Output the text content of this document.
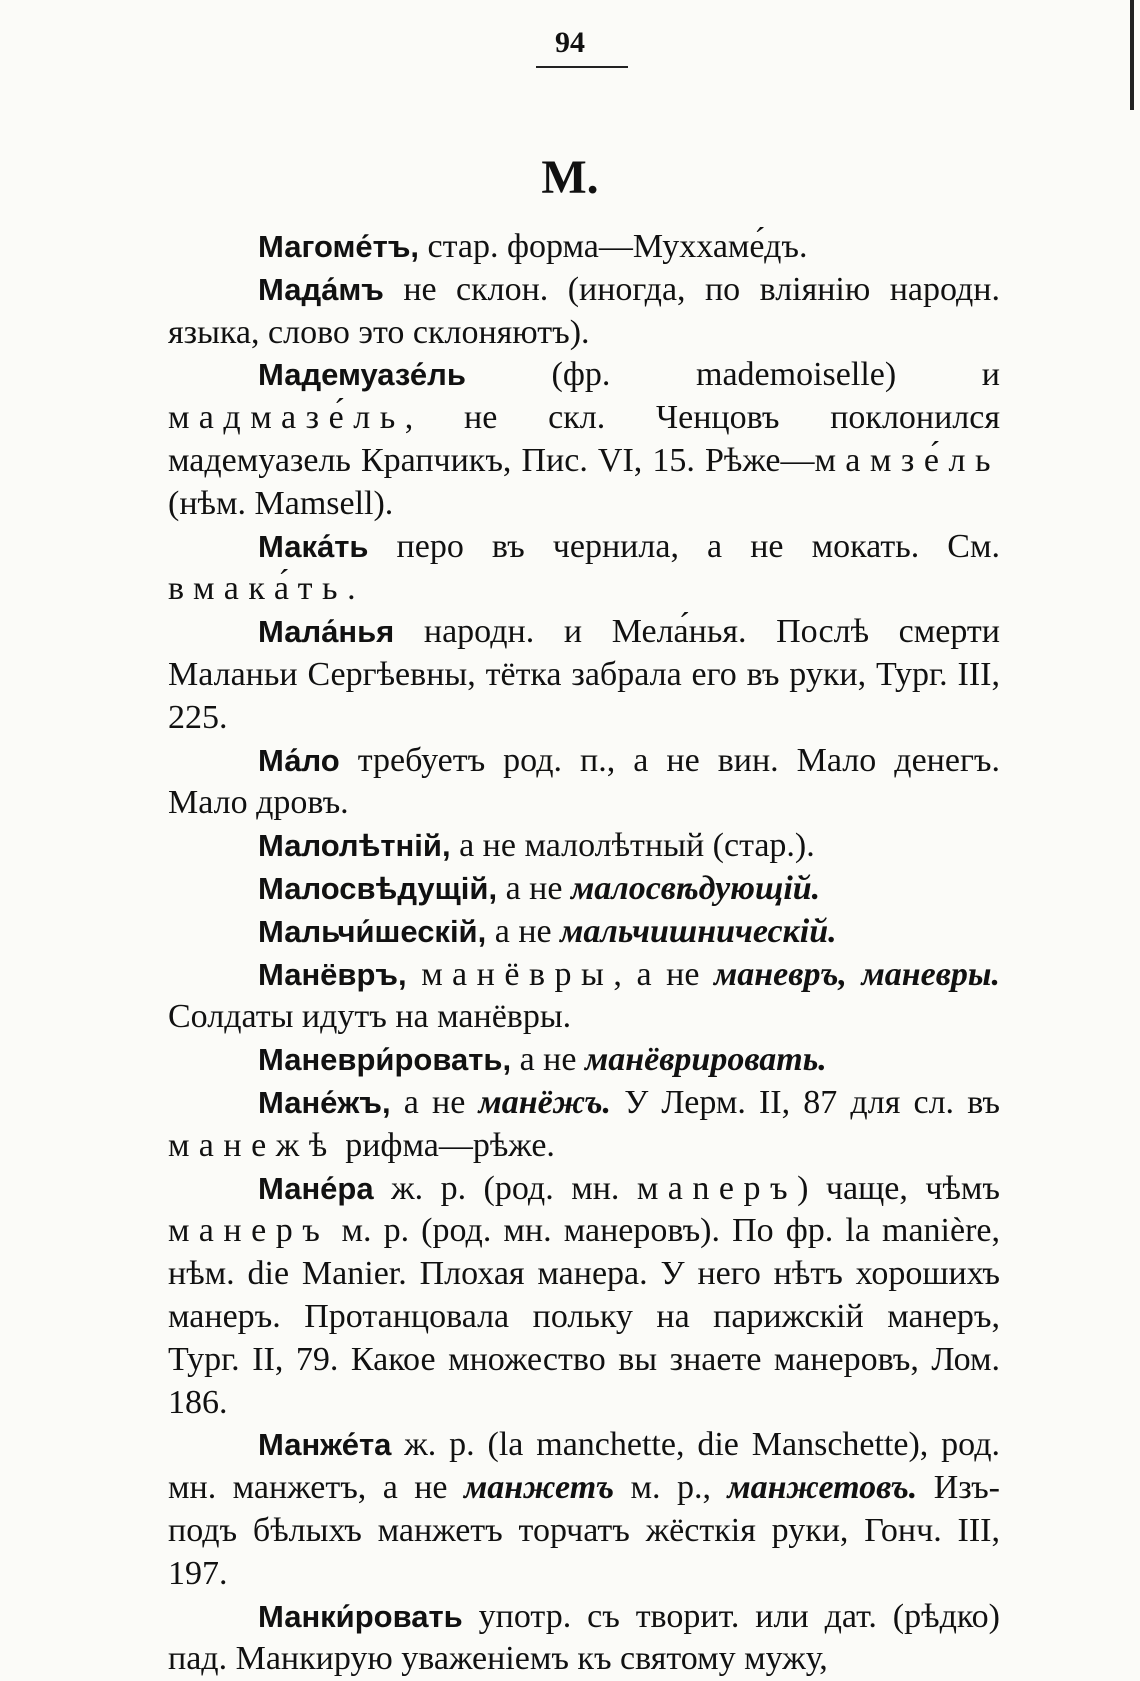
94
М.

Магоме́тъ, стар. форма—Муххаме́дъ.

Мада́мъ не склон. (иногда, по вліянію народн. языка, слово это склоняютъ).

Мадемуазе́ль (фр. mademoiselle) и мадмазе́ль, не скл. Ченцовъ поклонился мадемуазель Крапчикъ, Пис. VI, 15. Рѣже—мамзе́ль (нѣм. Mamsell).

Мака́ть перо въ чернила, а не мокать. См. вмака́ть.

Мала́нья народн. и Мела́нья. Послѣ смерти Маланьи Сергѣевны, тётка забрала его въ руки, Тург. III, 225.

Ма́ло требуетъ род. п., а не вин. Мало денегъ. Мало дровъ.

Малолѣтній, а не малолѣтный (стар.).

Малосвѣдущій, а не малосвѣдующій.

Мальчи́шескій, а не мальчишническій.

Манёвръ, манёвры, а не маневръ, маневры. Солдаты идутъ на манёвры.

Маневри́ровать, а не манёврировать.

Мане́жъ, а не манёжъ. У Лерм. II, 87 для сл. въ манежѣ рифма—рѣже.

Мане́ра ж. р. (род. мн. маneръ) чаще, чѣмъ манеръ м. р. (род. мн. манеровъ). По фр. la manière, нѣм. die Manier. Плохая манера. У него нѣтъ хорошихъ манеръ. Протанцовала польку на парижскій манеръ, Тург. II, 79. Какое множество вы знаете манеровъ, Лом. 186.

Манже́та ж. р. (la manchette, die Manschette), род. мн. манжетъ, а не манжетъ м. р., манжетовъ. Изъ-подъ бѣлыхъ манжетъ торчатъ жёсткія руки, Гонч. III, 197.

Манки́ровать употр. съ творит. или дат. (рѣдко) пад. Манкирую уваженіемъ къ святому мужу,
